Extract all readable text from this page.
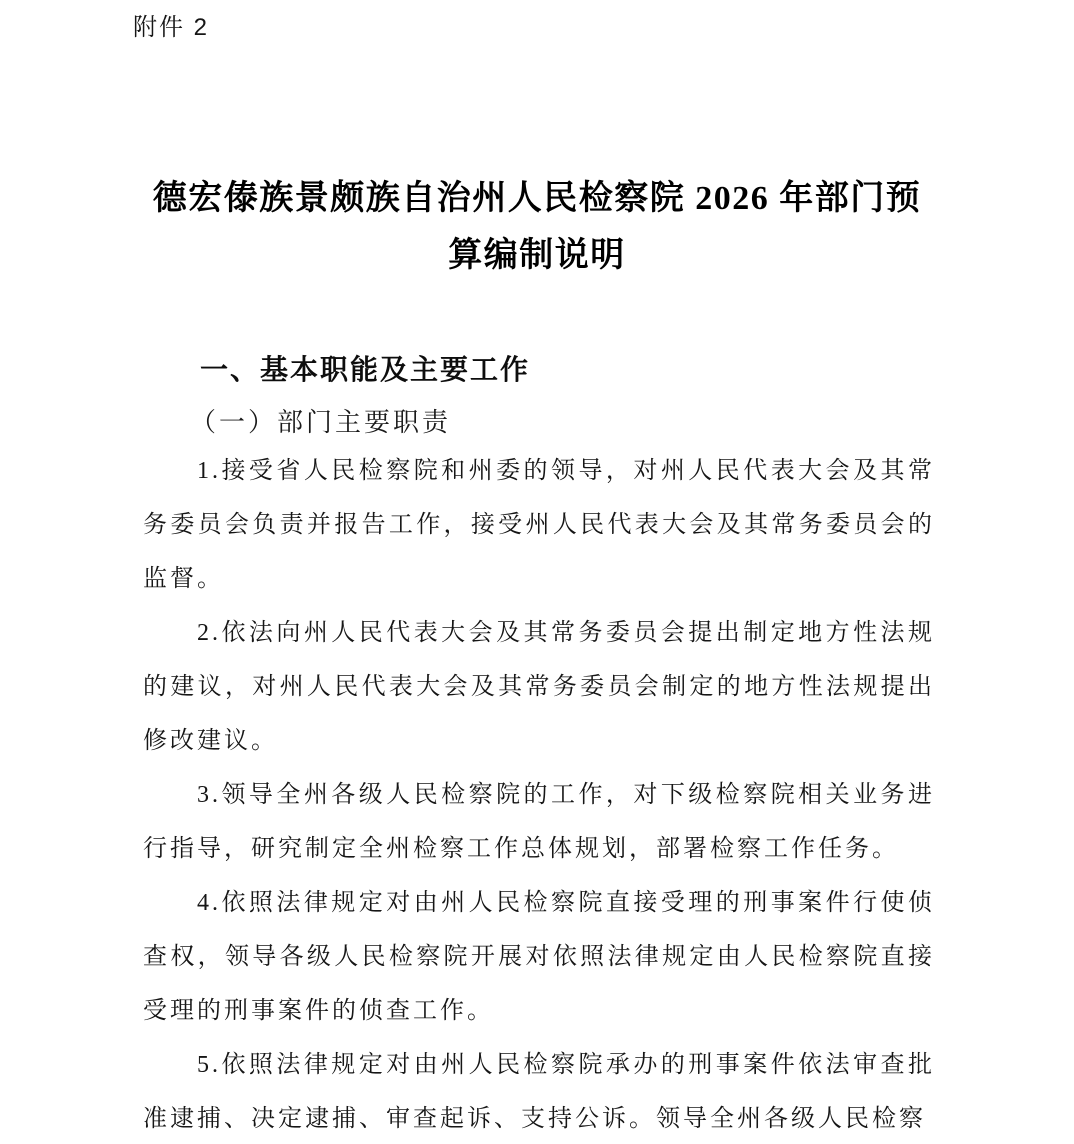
附件 2
德宏傣族景颇族自治州人民检察院 2026 年部门预算编制说明
一、基本职能及主要工作
（一）部门主要职责

1.接受省人民检察院和州委的领导，对州人民代表大会及其常务委员会负责并报告工作，接受州人民代表大会及其常务委员会的监督。

2.依法向州人民代表大会及其常务委员会提出制定地方性法规的建议，对州人民代表大会及其常务委员会制定的地方性法规提出修改建议。

3.领导全州各级人民检察院的工作，对下级检察院相关业务进行指导，研究制定全州检察工作总体规划，部署检察工作任务。

4.依照法律规定对由州人民检察院直接受理的刑事案件行使侦查权，领导各级人民检察院开展对依照法律规定由人民检察院直接受理的刑事案件的侦查工作。

5.依照法律规定对由州人民检察院承办的刑事案件依法审查批准逮捕、决定逮捕、审查起诉、支持公诉。领导全州各级人民检察
